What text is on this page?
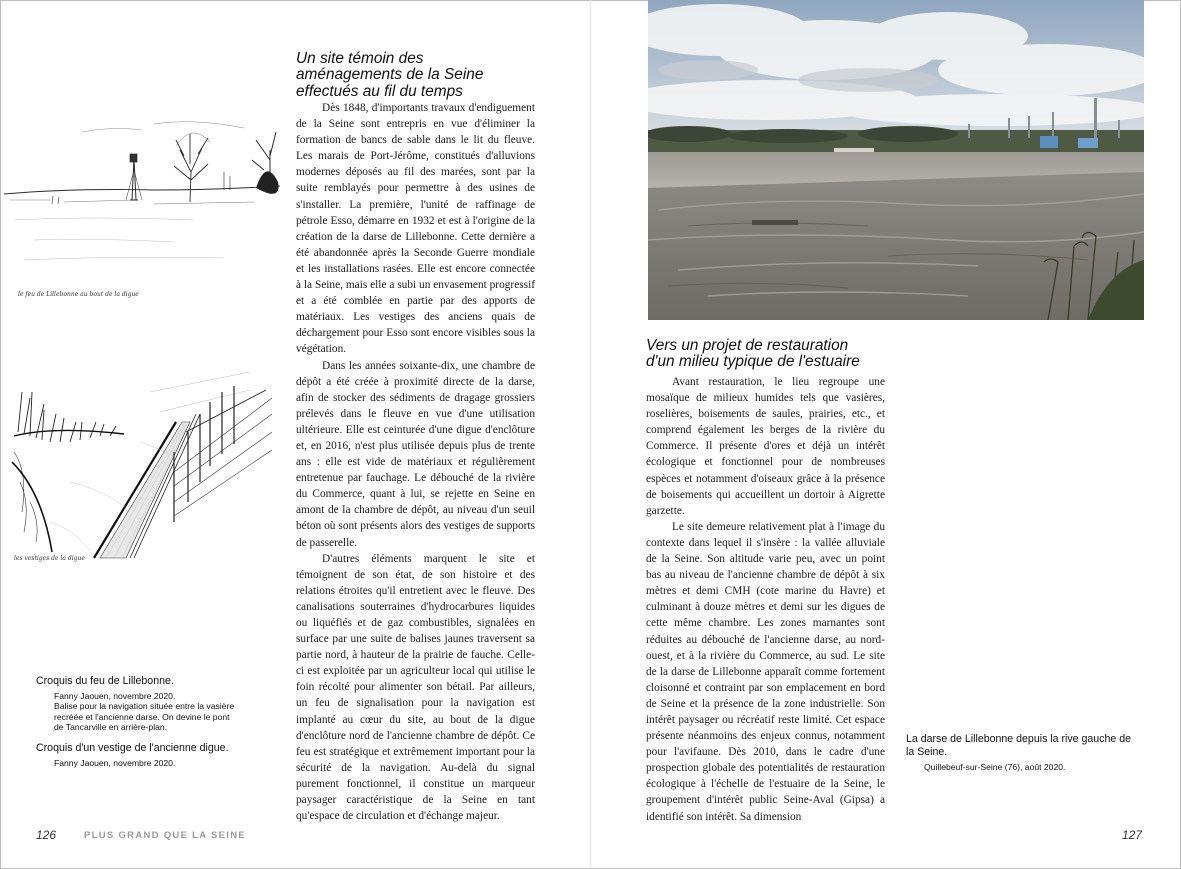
le feu de Lillebonne au bout de la digue
les vestiges de la digue
Croquis du feu de Lillebonne.
Fanny Jaouen, novembre 2020.
Balise pour la navigation située entre la vasière
recréée et l'ancienne darse. On devine le pont
de Tancarville en arrière-plan.
Croquis d'un vestige de l'ancienne digue.
Fanny Jaouen, novembre 2020.
Un site témoin des
aménagements de la Seine
effectués au fil du temps

Dès 1848, d'importants travaux d'endiguement de la Seine sont entrepris en vue d'éliminer la formation de bancs de sable dans le lit du fleuve. Les marais de Port-Jérôme, constitués d'alluvions modernes déposés au fil des marées, sont par la suite remblayés pour permettre à des usines de s'installer. La première, l'unité de raffinage de pétrole Esso, démarre en 1932 et est à l'origine de la création de la darse de Lillebonne. Cette dernière a été abandonnée après la Seconde Guerre mondiale et les installations rasées. Elle est encore connectée à la Seine, mais elle a subi un envasement progressif et a été comblée en partie par des apports de matériaux. Les vestiges des anciens quais de déchargement pour Esso sont encore visibles sous la végétation.

Dans les années soixante-dix, une chambre de dépôt a été créée à proximité directe de la darse, afin de stocker des sédiments de dragage grossiers prélevés dans le fleuve en vue d'une utilisation ultérieure. Elle est ceinturée d'une digue d'enclôture et, en 2016, n'est plus utilisée depuis plus de trente ans : elle est vide de matériaux et régulièrement entretenue par fauchage. Le débouché de la rivière du Commerce, quant à lui, se rejette en Seine en amont de la chambre de dépôt, au niveau d'un seuil béton où sont présents alors des vestiges de supports de passerelle.

D'autres éléments marquent le site et témoignent de son état, de son histoire et des relations étroites qu'il entretient avec le fleuve. Des canalisations souterraines d'hydrocarbures liquides ou liquéfiés et de gaz combustibles, signalées en surface par une suite de balises jaunes traversent sa partie nord, à hauteur de la prairie de fauche. Celle-ci est exploitée par un agriculteur local qui utilise le foin récolté pour alimenter son bétail. Par ailleurs, un feu de signalisation pour la navigation est implanté au cœur du site, au bout de la digue d'enclôture nord de l'ancienne chambre de dépôt. Ce feu est stratégique et extrêmement important pour la sécurité de la navigation. Au-delà du signal purement fonctionnel, il constitue un marqueur paysager caractéristique de la Seine en tant qu'espace de circulation et d'échange majeur.

126	PLUS GRAND QUE LA SEINE
Vers un projet de restauration
d'un milieu typique de l'estuaire

Avant restauration, le lieu regroupe une mosaïque de milieux humides tels que vasières, roselières, boisements de saules, prairies, etc., et comprend également les berges de la rivière du Commerce. Il présente d'ores et déjà un intérêt écologique et fonctionnel pour de nombreuses espèces et notamment d'oiseaux grâce à la présence de boisements qui accueillent un dortoir à Aigrette garzette.

Le site demeure relativement plat à l'image du contexte dans lequel il s'insère : la vallée alluviale de la Seine. Son altitude varie peu, avec un point bas au niveau de l'ancienne chambre de dépôt à six mètres et demi CMH (cote marine du Havre) et culminant à douze mètres et demi sur les digues de cette même chambre. Les zones marnantes sont réduites au débouché de l'ancienne darse, au nord-ouest, et à la rivière du Commerce, au sud. Le site de la darse de Lillebonne apparaît comme fortement cloisonné et contraint par son emplacement en bord de Seine et la présence de la zone industrielle. Son intérêt paysager ou récréatif reste limité. Cet espace présente néanmoins des enjeux connus, notamment pour l'avifaune. Dès 2010, dans le cadre d'une prospection globale des potentialités de restauration écologique à l'échelle de l'estuaire de la Seine, le groupement d'intérêt public Seine-Aval (Gipsa) a identifié son intérêt. Sa dimension

La darse de Lillebonne depuis la rive gauche de
la Seine.
Quillebeuf-sur-Seine (76), août 2020.
127
